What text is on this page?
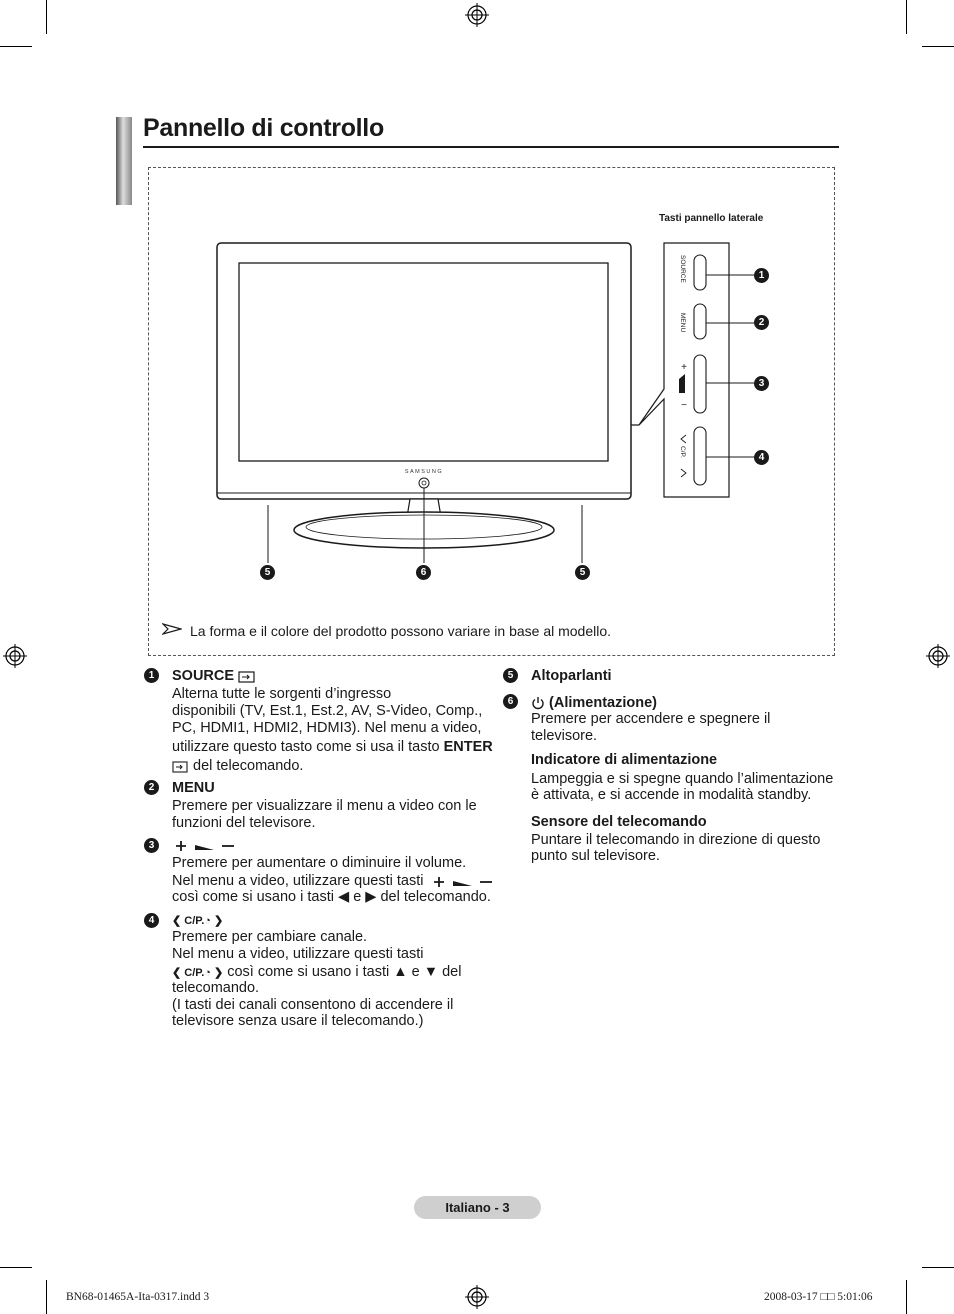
Pannello di controllo
Tasti pannello laterale
SAMSUNG
SOURCE
MENU
+
−
C/P.
1
2
3
4
5	6	5
La forma e il colore del prodotto possono variare in base al modello.
1	SOURCE
Alterna tutte le sorgenti d’ingresso
disponibili (TV, Est.1, Est.2, AV, S-Video, Comp.,
PC, HDMI1, HDMI2, HDMI3). Nel menu a video,
utilizzare questo tasto come si usa il tasto ENTER
del telecomando.
2	MENU
Premere per visualizzare il menu a video con le
funzioni del televisore.
3
Premere per aumentare o diminuire il volume.
Nel menu a video, utilizzare questi tasti
così come si usano i tasti ◀ e ▶ del telecomando.
4	❮ C/P.◔ ❯
Premere per cambiare canale.
Nel menu a video, utilizzare questi tasti
❮ C/P.◔ ❯ così come si usano i tasti ▲ e ▼ del
telecomando.
(I tasti dei canali consentono di accendere il
televisore senza usare il telecomando.)
5	Altoparlanti
6	(Alimentazione)
Premere per accendere e spegnere il
televisore.
Indicatore di alimentazione
Lampeggia e si spegne quando l’alimentazione
è attivata, e si accende in modalità standby.
Sensore del telecomando
Puntare il telecomando in direzione di questo
punto sul televisore.
Italiano - 3
BN68-01465A-Ita-0317.indd 3	2008-03-17 □□ 5:01:06
